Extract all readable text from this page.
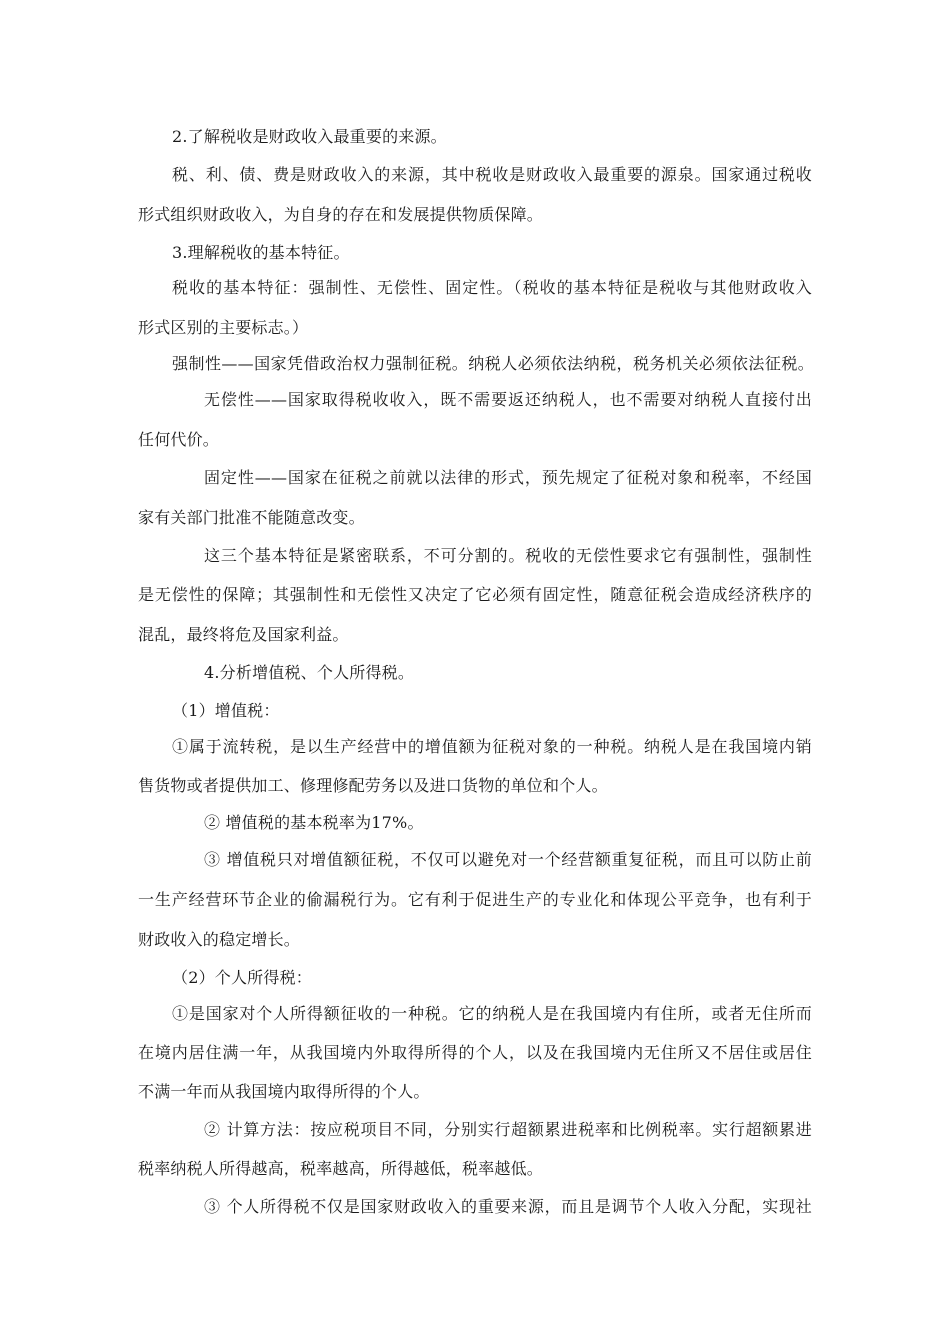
2.了解税收是财政收入最重要的来源。
税、利、债、费是财政收入的来源，其中税收是财政收入最重要的源泉。国家通过税收
形式组织财政收入，为自身的存在和发展提供物质保障。
3.理解税收的基本特征。
税收的基本特征：强制性、无偿性、固定性。（税收的基本特征是税收与其他财政收入
形式区别的主要标志。）
强制性——国家凭借政治权力强制征税。纳税人必须依法纳税，税务机关必须依法征税。
无偿性——国家取得税收收入，既不需要返还纳税人，也不需要对纳税人直接付出
任何代价。
固定性——国家在征税之前就以法律的形式，预先规定了征税对象和税率，不经国
家有关部门批准不能随意改变。
这三个基本特征是紧密联系，不可分割的。税收的无偿性要求它有强制性，强制性
是无偿性的保障；其强制性和无偿性又决定了它必须有固定性，随意征税会造成经济秩序的
混乱，最终将危及国家利益。
4.分析增值税、个人所得税。
（1）增值税：
①属于流转税，是以生产经营中的增值额为征税对象的一种税。纳税人是在我国境内销
售货物或者提供加工、修理修配劳务以及进口货物的单位和个人。
② 增值税的基本税率为17%。
③ 增值税只对增值额征税，不仅可以避免对一个经营额重复征税，而且可以防止前
一生产经营环节企业的偷漏税行为。它有利于促进生产的专业化和体现公平竞争，也有利于
财政收入的稳定增长。
（2）个人所得税：
①是国家对个人所得额征收的一种税。它的纳税人是在我国境内有住所，或者无住所而
在境内居住满一年，从我国境内外取得所得的个人，以及在我国境内无住所又不居住或居住
不满一年而从我国境内取得所得的个人。
② 计算方法：按应税项目不同，分别实行超额累进税率和比例税率。实行超额累进
税率纳税人所得越高，税率越高，所得越低，税率越低。
③ 个人所得税不仅是国家财政收入的重要来源，而且是调节个人收入分配，实现社
